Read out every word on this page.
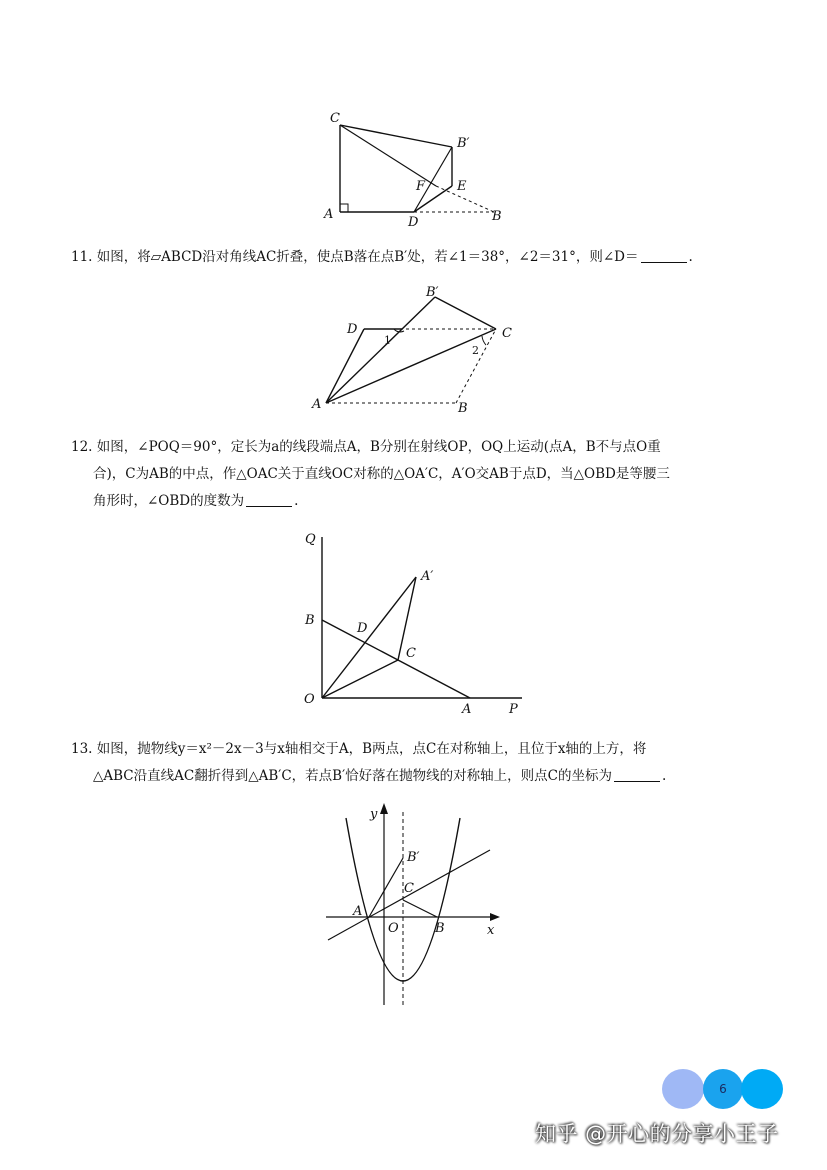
C
B′
E
F
A
D	B
11. 如图，将▱ABCD沿对角线AC折叠，使点B落在点B′处，若∠1＝38°，∠2＝31°，则∠D＝	.
B′
D	C
1
2
A	B
12. 如图，∠POQ＝90°，定长为a的线段端点A，B分别在射线OP，OQ上运动(点A，B不与点O重
合)，C为AB的中点，作△OAC关于直线OC对称的△OA′C，A′O交AB于点D，当△OBD是等腰三
角形时，∠OBD的度数为	.
Q
A′
B
D
C
O
A	P
13. 如图，抛物线y＝x²－2x－3与x轴相交于A，B两点，点C在对称轴上，且位于x轴的上方，将
△ABC沿直线AC翻折得到△AB′C，若点B′恰好落在抛物线的对称轴上，则点C的坐标为	.
y
B′
C
A
O	B	x
6
知乎 @开心的分享小王子
